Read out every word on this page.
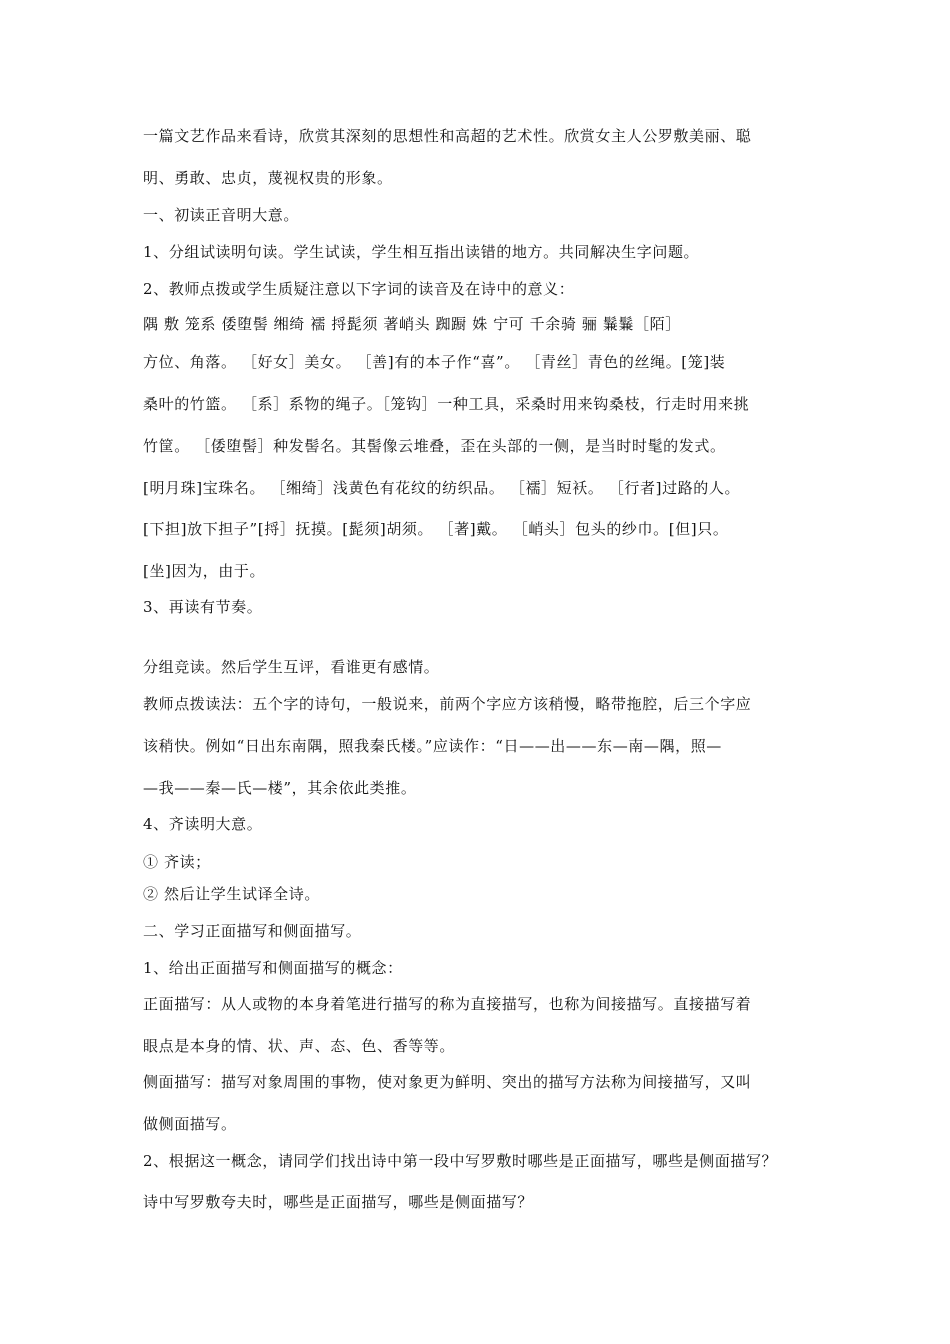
一篇文艺作品来看诗，欣赏其深刻的思想性和高超的艺术性。欣赏女主人公罗敷美丽、聪
明、勇敢、忠贞，蔑视权贵的形象。
一、初读正音明大意。
1、分组试读明句读。学生试读，学生相互指出读错的地方。共同解决生字问题。
2、教师点拨或学生质疑注意以下字词的读音及在诗中的意义：
隅 敷 笼系 倭堕髻 缃绮 襦 捋髭须 著峭头 踟蹰 姝 宁可 千余骑 骊 鬑鬑［陌］
方位、角落。 ［好女］美女。 ［善]有的本子作“喜”。 ［青丝］青色的丝绳。[笼]装
桑叶的竹篮。 ［系］系物的绳子。［笼钩］一种工具，采桑时用来钩桑枝，行走时用来挑
竹筐。 ［倭堕髻］种发髻名。其髻像云堆叠，歪在头部的一侧，是当时时髦的发式。
[明月珠]宝珠名。 ［缃绮］浅黄色有花纹的纺织品。 ［襦］短袄。 ［行者]过路的人。
[下担]放下担子”[捋］抚摸。[髭须]胡须。 ［著]戴。 ［峭头］包头的纱巾。[但]只。
[坐]因为，由于。
3、再读有节奏。
分组竞读。然后学生互评，看谁更有感情。
教师点拨读法：五个字的诗句，一般说来，前两个字应方该稍慢，略带拖腔，后三个字应
该稍快。例如“日出东南隅，照我秦氏楼。”应读作：“日——出——东—南—隅，照—
—我——秦—氏—楼”，其余依此类推。
4、齐读明大意。
① 齐读；
② 然后让学生试译全诗。
二、学习正面描写和侧面描写。
1、给出正面描写和侧面描写的概念：
正面描写：从人或物的本身着笔进行描写的称为直接描写，也称为间接描写。直接描写着
眼点是本身的情、状、声、态、色、香等等。
侧面描写：描写对象周围的事物，使对象更为鲜明、突出的描写方法称为间接描写，又叫
做侧面描写。
2、根据这一概念，请同学们找出诗中第一段中写罗敷时哪些是正面描写，哪些是侧面描写？
诗中写罗敷夸夫时，哪些是正面描写，哪些是侧面描写？
